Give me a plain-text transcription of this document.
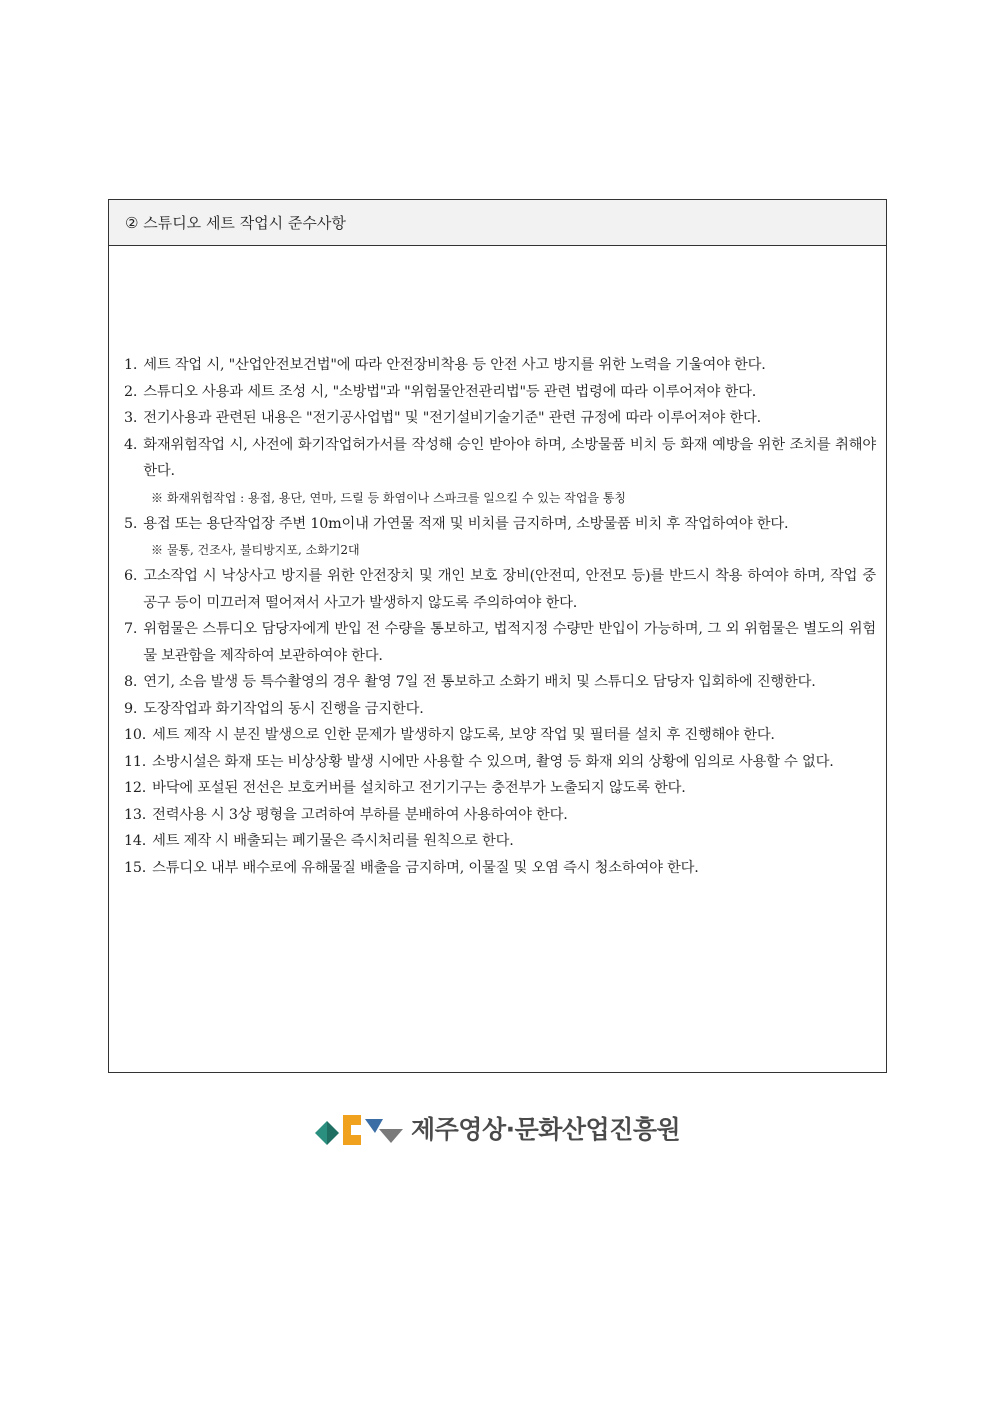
② 스튜디오 세트 작업시 준수사항
1. 세트 작업 시, "산업안전보건법"에 따라 안전장비착용 등 안전 사고 방지를 위한 노력을 기울여야 한다.
2. 스튜디오 사용과 세트 조성 시, "소방법"과 "위험물안전관리법"등 관련 법령에 따라 이루어져야 한다.
3. 전기사용과 관련된 내용은 "전기공사업법" 및 "전기설비기술기준" 관련 규정에 따라 이루어져야 한다.
4. 화재위험작업 시, 사전에 화기작업허가서를 작성해 승인 받아야 하며, 소방물품 비치 등 화재 예방을 위한 조치를 취해야 한다.
※ 화재위험작업 : 용접, 용단, 연마, 드릴 등 화염이나 스파크를 일으킬 수 있는 작업을 통칭
5. 용접 또는 용단작업장 주변 10m이내 가연물 적재 및 비치를 금지하며, 소방물품 비치 후 작업하여야 한다.
※ 물통, 건조사, 불티방지포, 소화기2대
6. 고소작업 시 낙상사고 방지를 위한 안전장치 및 개인 보호 장비(안전띠, 안전모 등)를 반드시 착용 하여야 하며, 작업 중 공구 등이 미끄러져 떨어져서 사고가 발생하지 않도록 주의하여야 한다.
7. 위험물은 스튜디오 담당자에게 반입 전 수량을 통보하고, 법적지정 수량만 반입이 가능하며, 그 외 위험물은 별도의 위험물 보관함을 제작하여 보관하여야 한다.
8. 연기, 소음 발생 등 특수촬영의 경우 촬영 7일 전 통보하고 소화기 배치 및 스튜디오 담당자 입회하에 진행한다.
9. 도장작업과 화기작업의 동시 진행을 금지한다.
10. 세트 제작 시 분진 발생으로 인한 문제가 발생하지 않도록, 보양 작업 및 필터를 설치 후 진행해야 한다.
11. 소방시설은 화재 또는 비상상황 발생 시에만 사용할 수 있으며, 촬영 등 화재 외의 상황에 임의로 사용할 수 없다.
12. 바닥에 포설된 전선은 보호커버를 설치하고 전기기구는 충전부가 노출되지 않도록 한다.
13. 전력사용 시 3상 평형을 고려하여 부하를 분배하여 사용하여야 한다.
14. 세트 제작 시 배출되는 폐기물은 즉시처리를 원칙으로 한다.
15. 스튜디오 내부 배수로에 유해물질 배출을 금지하며, 이물질 및 오염 즉시 청소하여야 한다.
제주영상·문화산업진흥원
